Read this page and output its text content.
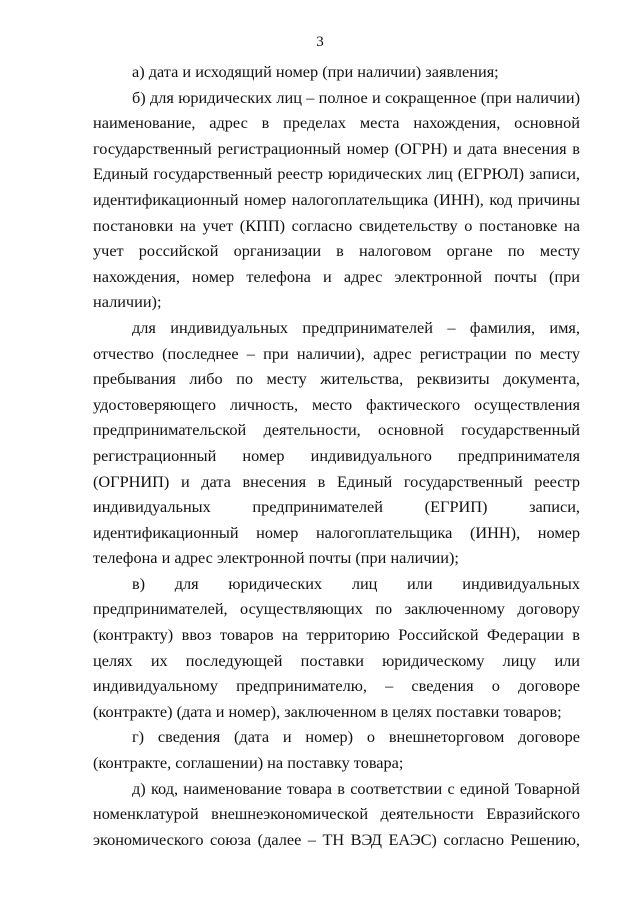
3

а) дата и исходящий номер (при наличии) заявления;

б) для юридических лиц – полное и сокращенное (при наличии) наименование, адрес в пределах места нахождения, основной государственный регистрационный номер (ОГРН) и дата внесения в Единый государственный реестр юридических лиц (ЕГРЮЛ) записи, идентификационный номер налогоплательщика (ИНН), код причины постановки на учет (КПП) согласно свидетельству о постановке на учет российской организации в налоговом органе по месту нахождения, номер телефона и адрес электронной почты (при наличии);

для индивидуальных предпринимателей – фамилия, имя, отчество (последнее – при наличии), адрес регистрации по месту пребывания либо по месту жительства, реквизиты документа, удостоверяющего личность, место фактического осуществления предпринимательской деятельности, основной государственный регистрационный номер индивидуального предпринимателя (ОГРНИП) и дата внесения в Единый государственный реестр индивидуальных предпринимателей (ЕГРИП) записи, идентификационный номер налогоплательщика (ИНН), номер телефона и адрес электронной почты (при наличии);

в) для юридических лиц или индивидуальных предпринимателей, осуществляющих по заключенному договору (контракту) ввоз товаров на территорию Российской Федерации в целях их последующей поставки юридическому лицу или индивидуальному предпринимателю, – сведения о договоре (контракте) (дата и номер), заключенном в целях поставки товаров;

г) сведения (дата и номер) о внешнеторговом договоре (контракте, соглашении) на поставку товара;

д) код, наименование товара в соответствии с единой Товарной номенклатурой внешнеэкономической деятельности Евразийского экономического союза (далее – ТН ВЭД ЕАЭС) согласно Решению,
